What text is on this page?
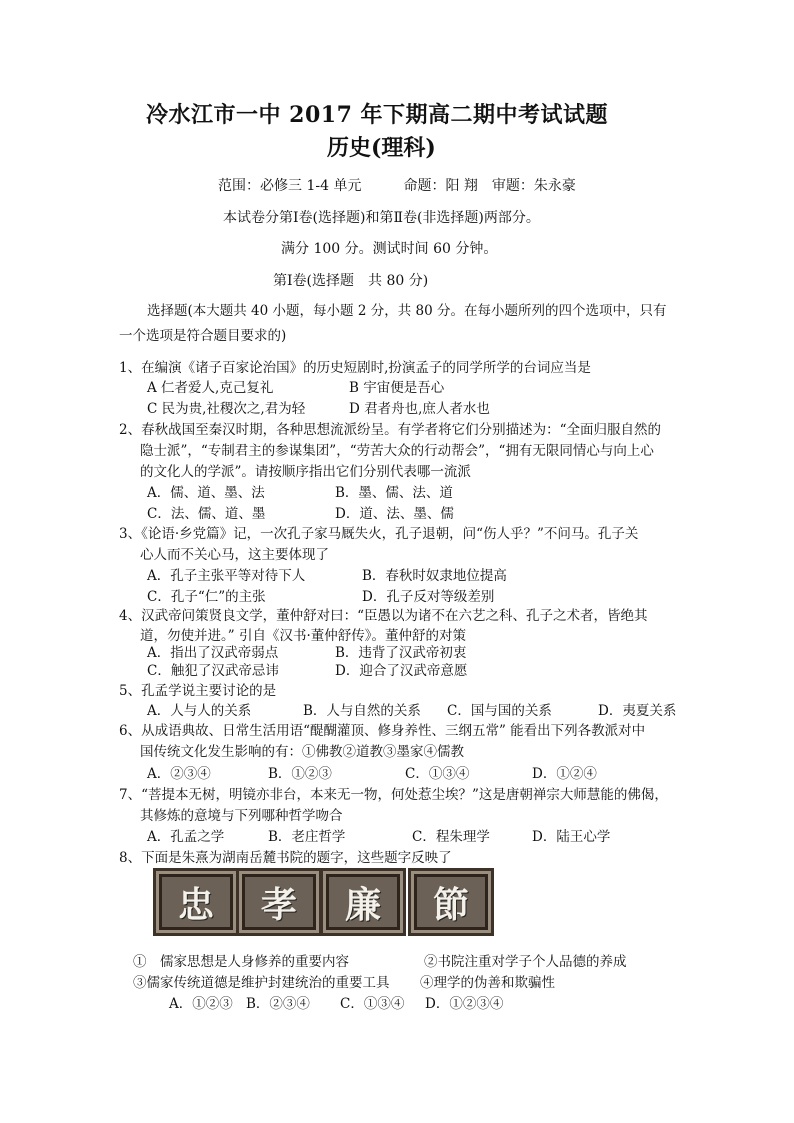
冷水江市一中 2017 年下期高二期中考试试题
历史(理科)
范围：必修三 1-4 单元　　　命题：阳 翔　审题：朱永豪
本试卷分第Ⅰ卷(选择题)和第Ⅱ卷(非选择题)两部分。
满分 100 分。测试时间 60 分钟。
第Ⅰ卷(选择题　共 80 分)
选择题(本大题共 40 小题，每小题 2 分，共 80 分。在每小题所列的四个选项中，只有
一个选项是符合题目要求的)
1、在编演《诸子百家论治国》的历史短剧时,扮演孟子的同学所学的台词应当是
A 仁者爱人,克己复礼	B 宇宙便是吾心
C 民为贵,社稷次之,君为轻	D 君者舟也,庶人者水也
2、春秋战国至秦汉时期，各种思想流派纷呈。有学者将它们分别描述为：“全面归服自然的
隐士派”，“专制君主的参谋集团”，“劳苦大众的行动帮会”，“拥有无限同情心与向上心
的文化人的学派”。请按顺序指出它们分别代表哪一流派
A．儒、道、墨、法	B．墨、儒、法、道
C．法、儒、道、墨	D．道、法、墨、儒
3、《论语·乡党篇》记，一次孔子家马厩失火，孔子退朝，问“伤人乎？”不问马。孔子关
心人而不关心马，这主要体现了
A．孔子主张平等对待下人	B．春秋时奴隶地位提高
C．孔子“仁”的主张	D．孔子反对等级差别
4、汉武帝问策贤良文学，董仲舒对曰：“臣愚以为诸不在六艺之科、孔子之术者，皆绝其
道，勿使并进。” 引自《汉书·董仲舒传》。董仲舒的对策
A．指出了汉武帝弱点	B．违背了汉武帝初衷
C．触犯了汉武帝忌讳	D．迎合了汉武帝意愿
5、孔孟学说主要讨论的是
A．人与人的关系	B．人与自然的关系 C．国与国的关系	D．夷夏关系
6、从成语典故、日常生活用语“醍醐灌顶、修身养性、三纲五常” 能看出下列各教派对中
国传统文化发生影响的有：①佛教②道教③墨家④儒教
A．②③④	B．①②③	C．①③④	D．①②④
7、“菩提本无树，明镜亦非台，本来无一物，何处惹尘埃？”这是唐朝禅宗大师慧能的佛偈，
其修炼的意境与下列哪种哲学吻合
A．孔孟之学	B．老庄哲学	C．程朱理学	D．陆王心学
8、下面是朱熹为湖南岳麓书院的题字，这些题字反映了
忠 孝 廉 節
①　儒家思想是人身修养的重要内容	②书院注重对学子个人品德的养成
③儒家传统道德是维护封建统治的重要工具 ④理学的伪善和欺骗性
A．①②③ B．②③④ C．①③④ D．①②③④
